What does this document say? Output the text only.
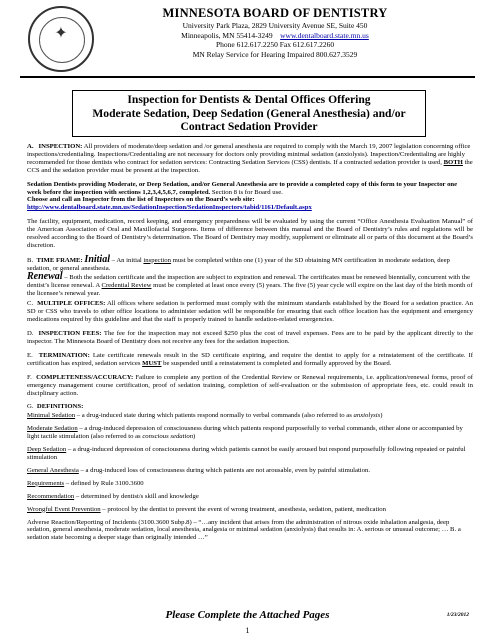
✦
MINNESOTA BOARD OF DENTISTRY
University Park Plaza, 2829 University Avenue SE, Suite 450
Minneapolis, MN 55414-3249 www.dentalboard.state.mn.us
Phone 612.617.2250 Fax 612.617.2260
MN Relay Service for Hearing Impaired 800.627.3529
Inspection for Dentists & Dental Offices Offering
Moderate Sedation, Deep Sedation (General Anesthesia) and/or
Contract Sedation Provider

A. INSPECTION: All providers of moderate/deep sedation and /or general anesthesia are required to comply with the March 19, 2007 legislation concerning office inspections/credentialing. Inspections/Credentialing are not necessary for doctors only providing minimal sedation (anxiolysis). Inspection/Credentialing are highly recommended for those dentists who contract for sedation services: Contracting Sedation Services (CSS) dentists. If a contracted sedation provider is used, BOTH the CCS and the sedation provider must be present at the inspection.

Sedation Dentists providing Moderate, or Deep Sedation, and/or General Anesthesia are to provide a completed copy of this form to your Inspector one week before the inspection with sections 1,2,3,4,5,6,7, completed. Section 8 is for Board use.
Choose and call an Inspector from the list of Inspectors on the Board’s web site:
http://www.dentalboard.state.mn.us/SedationInspection/SedationInspectors/tabid/1161/Default.aspx

The facility, equipment, medication, record keeping, and emergency preparedness will be evaluated by using the current “Office Anesthesia Evaluation Manual” of the American Association of Oral and Maxillofacial Surgeons. Items of difference between this manual and the Board of Dentistry’s rules and regulations will be resolved according to the Board of Dentistry’s determination. The Board of Dentistry may modify, supplement or eliminate all or parts of this document at the Board’s discretion.

B. TIME FRAME: Initial – An initial inspection must be completed within one (1) year of the SD obtaining MN certification in moderate sedation, deep sedation, or general anesthesia.
Renewal – Both the sedation certificate and the inspection are subject to expiration and renewal. The certificates must be renewed biennially, concurrent with the dentist’s license renewal. A Credential Review must be completed at least once every (5) years. The five (5) year cycle will expire on the last day of the birth month of the licensee’s renewal year.

C. MULTIPLE OFFICES: All offices where sedation is performed must comply with the minimum standards established by the Board for a sedation practice. An SD or CSS who travels to other office locations to administer sedation will be responsible for ensuring that each office location has the equipment and emergency medications required by this guideline and that the staff is properly trained to handle sedation-related emergencies.

D. INSPECTION FEES: The fee for the inspection may not exceed $250 plus the cost of travel expenses. Fees are to be paid by the applicant directly to the inspector. The Minnesota Board of Dentistry does not receive any fees for the sedation inspection.

E. TERMINATION: Late certificate renewals result in the SD certificate expiring, and require the dentist to apply for a reinstatement of the certificate. If certification has expired, sedation services MUST be suspended until a reinstatement is completed and formally approved by the Board.

F. COMPLETENESS/ACCURACY: Failure to complete any portion of the Credential Review or Renewal requirements, i.e. application/renewal forms, proof of emergency management course certification, proof of sedation training, completion of self-evaluation or the submission of appropriate fees, etc. could result in disciplinary action.

G. DEFINITIONS:

Minimal Sedation – a drug-induced state during which patients respond normally to verbal commands (also referred to as anxiolysis)

Moderate Sedation – a drug-induced depression of consciousness during which patients respond purposefully to verbal commands, either alone or accompanied by light tactile stimulation (also referred to as conscious sedation)

Deep Sedation – a drug-induced depression of consciousness during which patients cannot be easily aroused but respond purposefully following repeated or painful stimulation

General Anesthesia – a drug-induced loss of consciousness during which patients are not arousable, even by painful stimulation.

Requirements – defined by Rule 3100.3600

Recommendation – determined by dentist/s skill and knowledge

Wrongful Event Prevention – protocol by the dentist to prevent the event of wrong treatment, anesthesia, sedation, patient, medication

Adverse Reaction/Reporting of Incidents (3100.3600 Subp.8) – “…any incident that arises from the administration of nitrous oxide inhalation analgesia, deep sedation, general anesthesia, moderate sedation, local anesthesia, analgesia or minimal sedation (anxiolysis) that results in: A. serious or unusual outcome; … B. a sedation state becoming a deeper stage than originally intended …”

Please Complete the Attached Pages	1/23/2012
1
